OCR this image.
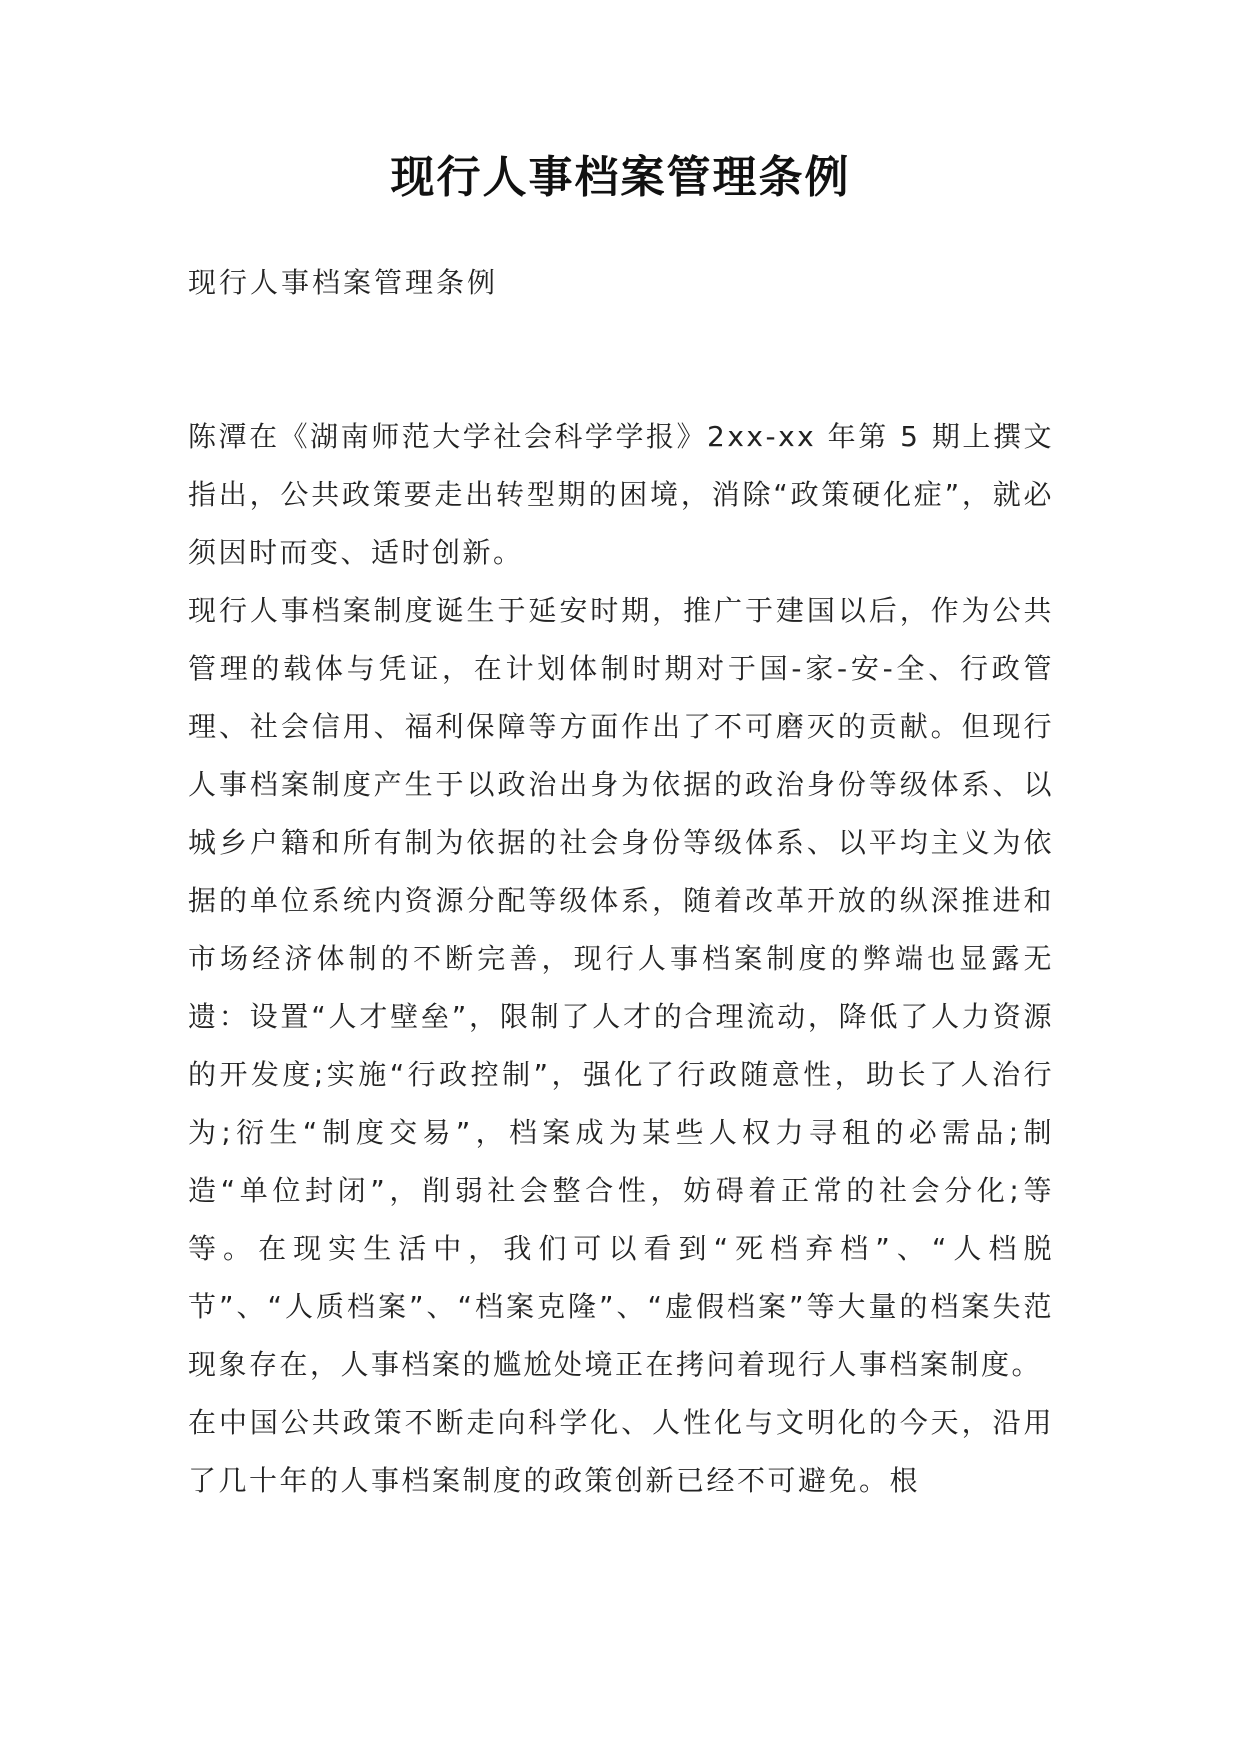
现行人事档案管理条例
现行人事档案管理条例

陈潭在《湖南师范大学社会科学学报》2xx-xx 年第 5 期上撰文指出，公共政策要走出转型期的困境，消除“政策硬化症”，就必须因时而变、适时创新。

现行人事档案制度诞生于延安时期，推广于建国以后，作为公共管理的载体与凭证，在计划体制时期对于国-家-安-全、行政管理、社会信用、福利保障等方面作出了不可磨灭的贡献。但现行人事档案制度产生于以政治出身为依据的政治身份等级体系、以城乡户籍和所有制为依据的社会身份等级体系、以平均主义为依据的单位系统内资源分配等级体系，随着改革开放的纵深推进和市场经济体制的不断完善，现行人事档案制度的弊端也显露无遗：设置“人才壁垒”，限制了人才的合理流动，降低了人力资源的开发度;实施“行政控制”，强化了行政随意性，助长了人治行为;衍生“制度交易”，档案成为某些人权力寻租的必需品;制造“单位封闭”，削弱社会整合性，妨碍着正常的社会分化;等等。在现实生活中，我们可以看到“死档弃档”、“人档脱节”、“人质档案”、“档案克隆”、“虚假档案”等大量的档案失范现象存在，人事档案的尴尬处境正在拷问着现行人事档案制度。

在中国公共政策不断走向科学化、人性化与文明化的今天，沿用了几十年的人事档案制度的政策创新已经不可避免。根
